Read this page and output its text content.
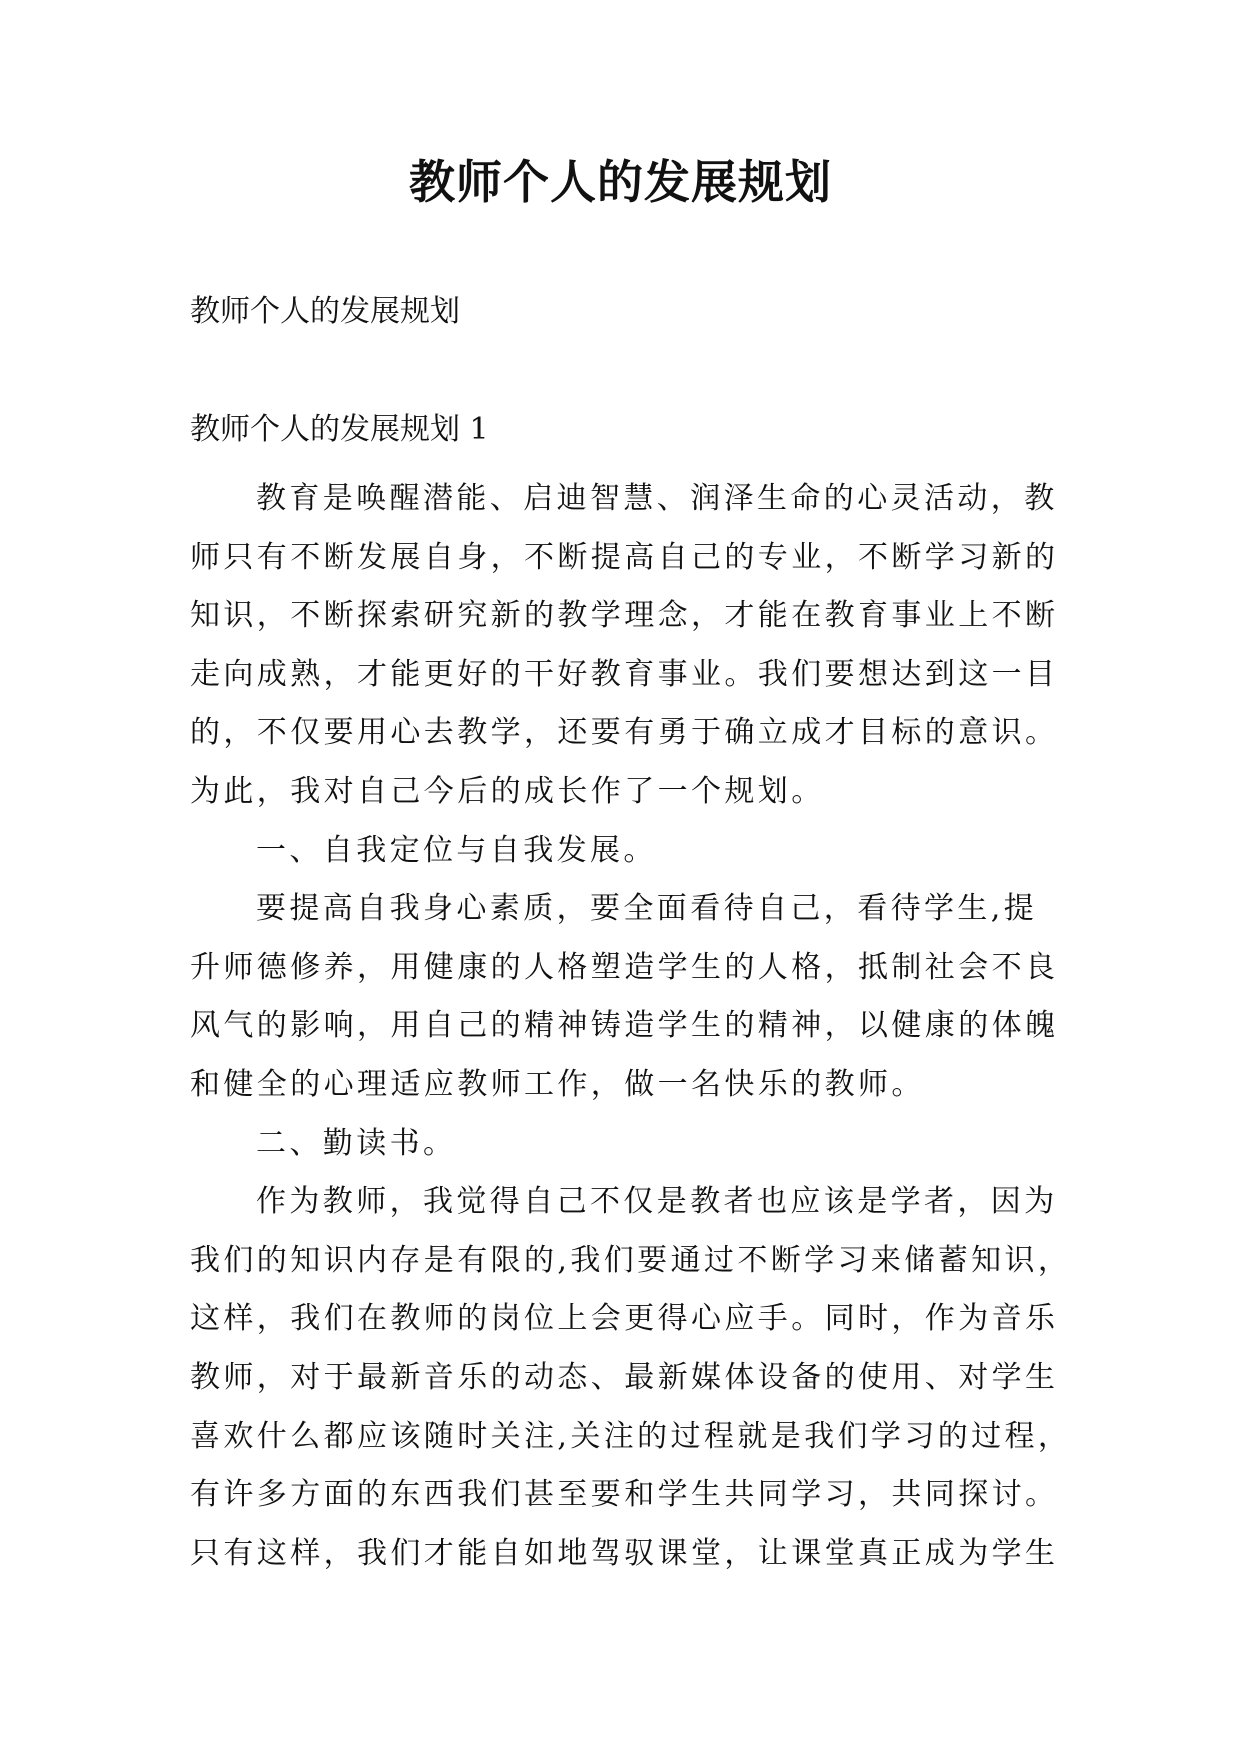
教师个人的发展规划

教师个人的发展规划

教师个人的发展规划 1

教育是唤醒潜能、启迪智慧、润泽生命的心灵活动，教

师只有不断发展自身，不断提高自己的专业，不断学习新的

知识，不断探索研究新的教学理念，才能在教育事业上不断

走向成熟，才能更好的干好教育事业。我们要想达到这一目

的，不仅要用心去教学，还要有勇于确立成才目标的意识。

为此，我对自己今后的成长作了一个规划。

一、自我定位与自我发展。

要提高自我身心素质，要全面看待自己，看待学生,提

升师德修养，用健康的人格塑造学生的人格，抵制社会不良

风气的影响，用自己的精神铸造学生的精神，以健康的体魄

和健全的心理适应教师工作，做一名快乐的教师。

二、勤读书。

作为教师，我觉得自己不仅是教者也应该是学者，因为

我们的知识内存是有限的,我们要通过不断学习来储蓄知识，

这样，我们在教师的岗位上会更得心应手。同时，作为音乐

教师，对于最新音乐的动态、最新媒体设备的使用、对学生

喜欢什么都应该随时关注,关注的过程就是我们学习的过程，

有许多方面的东西我们甚至要和学生共同学习，共同探讨。

只有这样，我们才能自如地驾驭课堂，让课堂真正成为学生
